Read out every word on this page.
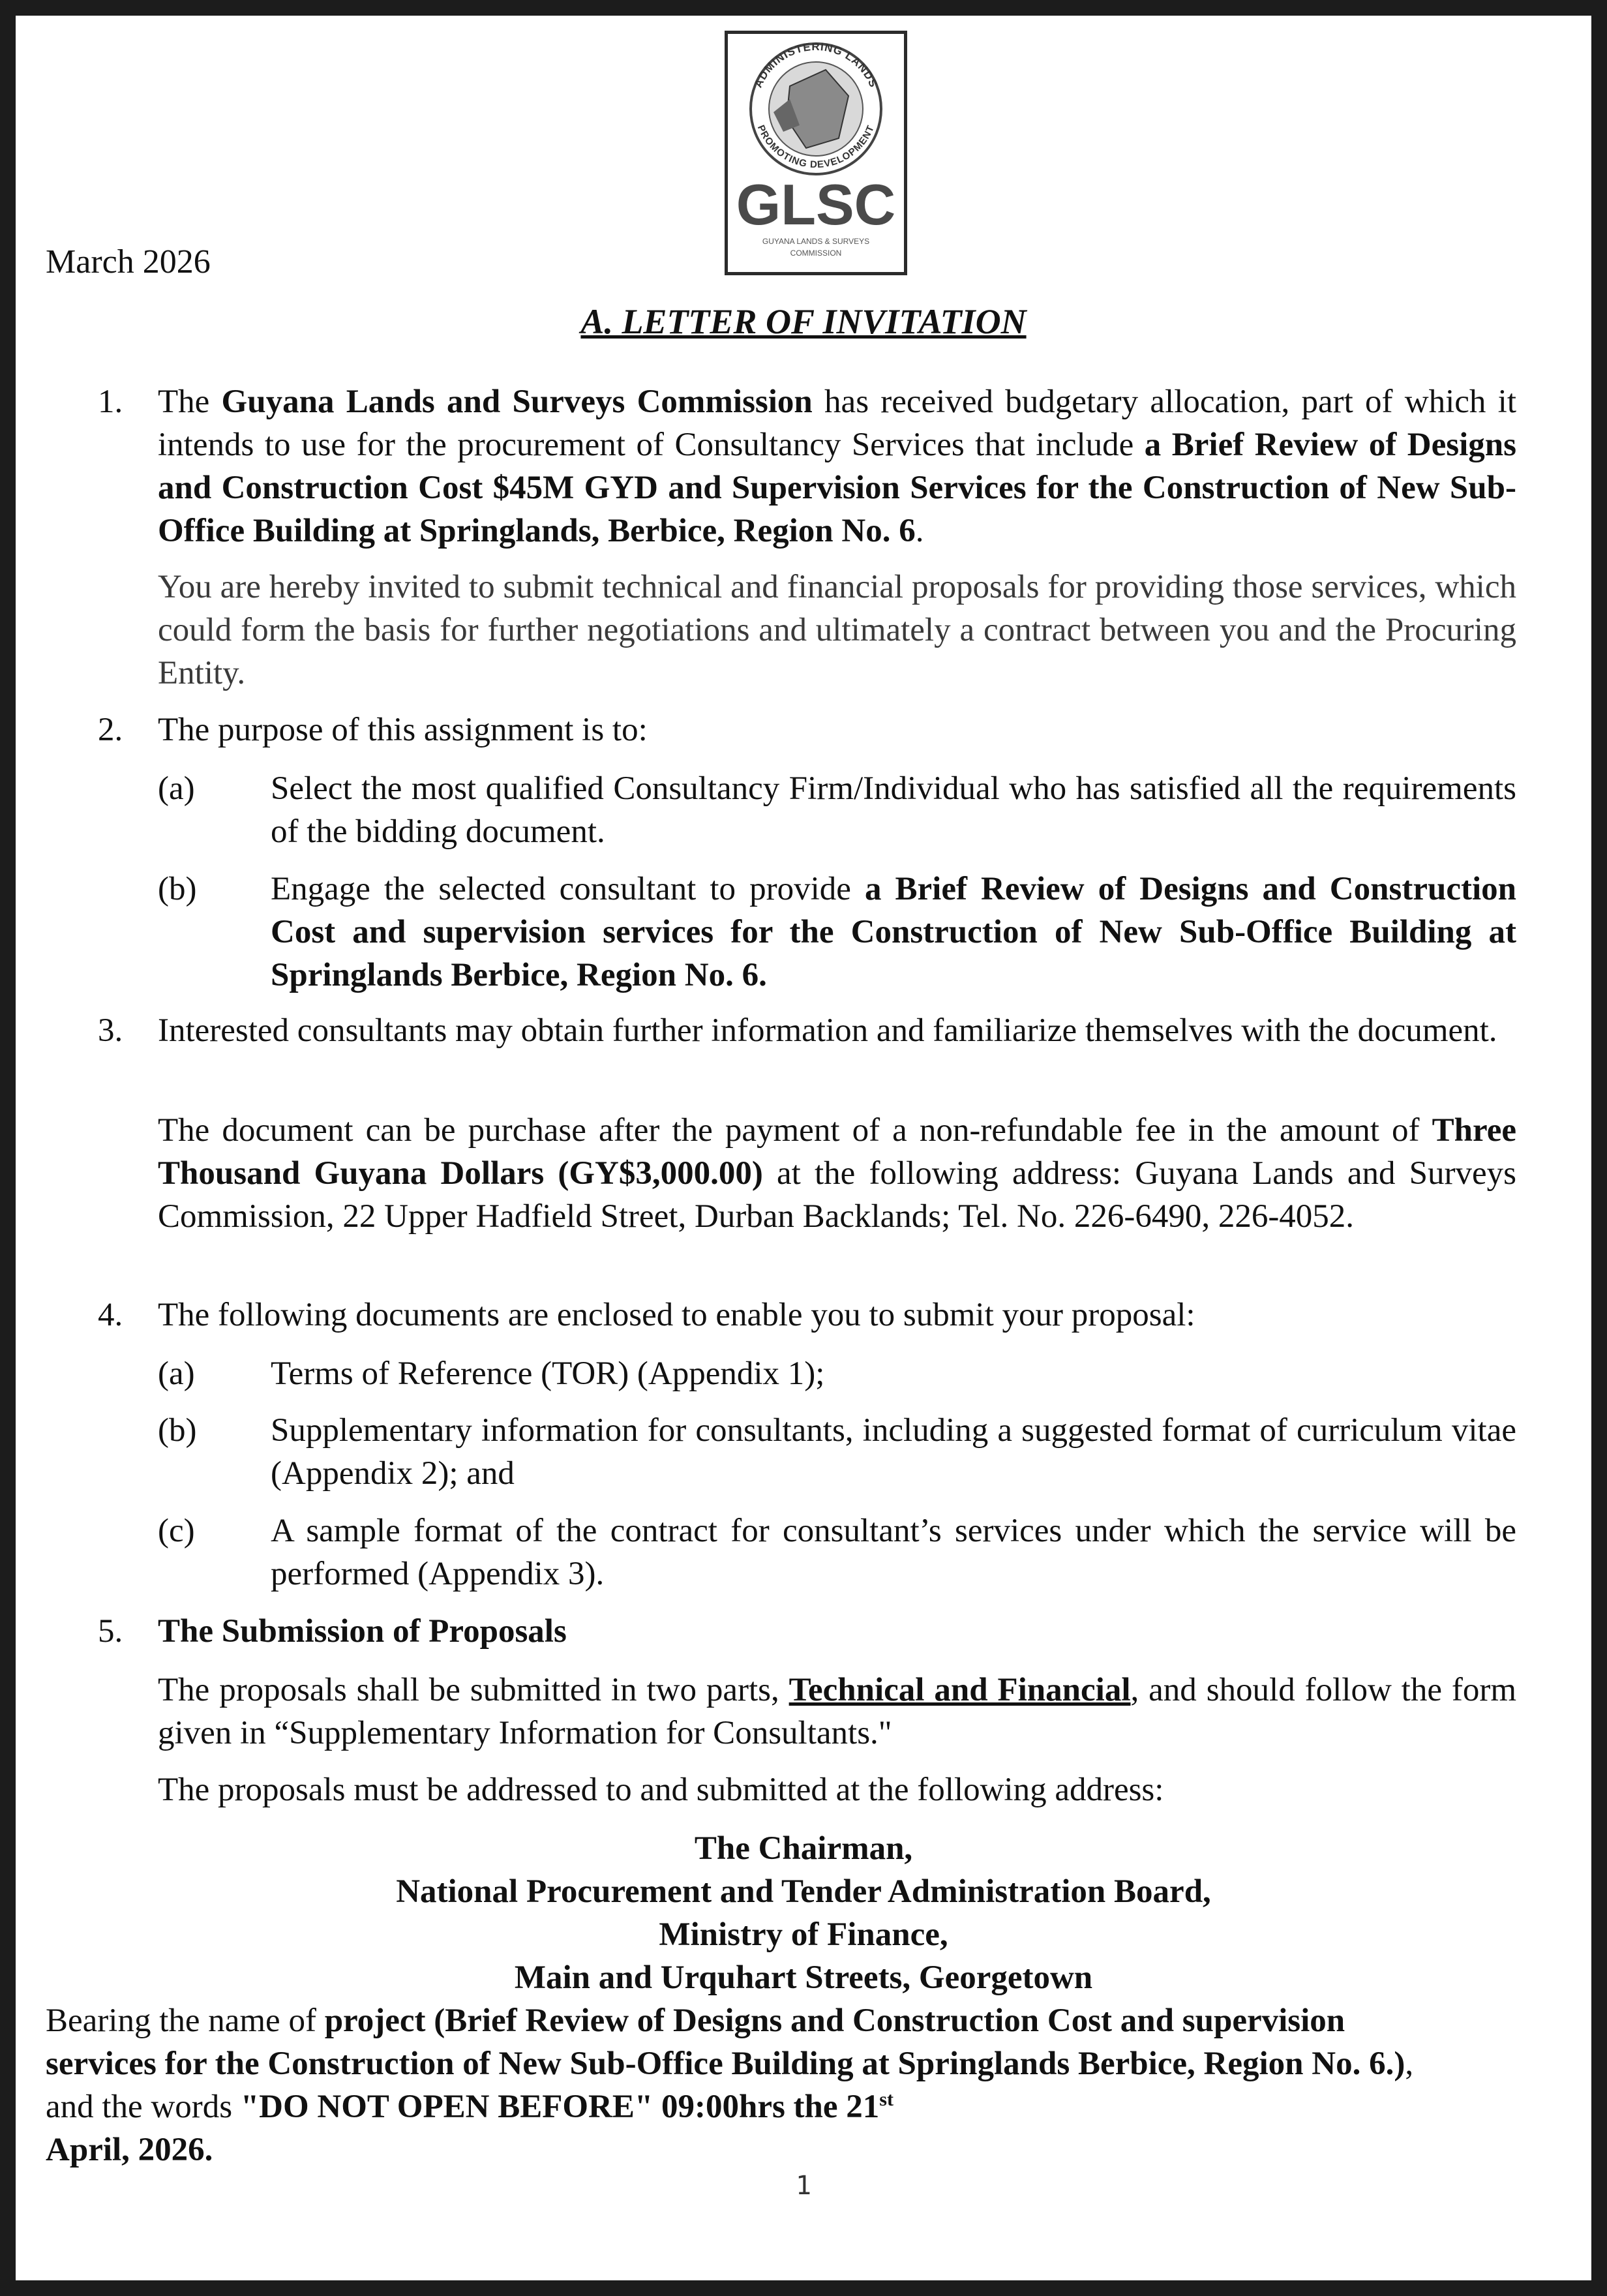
ADMINISTERING LANDS
PROMOTING DEVELOPMENT
GLSC
GUYANA LANDS & SURVEYS
COMMISSION
March 2026
A. LETTER OF INVITATION
1. The Guyana Lands and Surveys Commission has received budgetary allocation, part of which it intends to use for the procurement of Consultancy Services that include a Brief Review of Designs and Construction Cost $45M GYD and Supervision Services for the Construction of New Sub-Office Building at Springlands, Berbice, Region No. 6.
You are hereby invited to submit technical and financial proposals for providing those services, which could form the basis for further negotiations and ultimately a contract between you and the Procuring Entity.
2. The purpose of this assignment is to:
(a) Select the most qualified Consultancy Firm/Individual who has satisfied all the requirements of the bidding document.
(b) Engage the selected consultant to provide a Brief Review of Designs and Construction Cost and supervision services for the Construction of New Sub-Office Building at Springlands Berbice, Region No. 6.
3. Interested consultants may obtain further information and familiarize themselves with the document.
The document can be purchase after the payment of a non-refundable fee in the amount of Three Thousand Guyana Dollars (GY$3,000.00) at the following address: Guyana Lands and Surveys Commission, 22 Upper Hadfield Street, Durban Backlands; Tel. No. 226-6490, 226-4052.
4. The following documents are enclosed to enable you to submit your proposal:
(a) Terms of Reference (TOR) (Appendix 1);
(b) Supplementary information for consultants, including a suggested format of curriculum vitae (Appendix 2); and
(c) A sample format of the contract for consultant’s services under which the service will be performed (Appendix 3).
5. The Submission of Proposals
The proposals shall be submitted in two parts, Technical and Financial, and should follow the form given in “Supplementary Information for Consultants."
The proposals must be addressed to and submitted at the following address:
The Chairman,
National Procurement and Tender Administration Board,
Ministry of Finance,
Main and Urquhart Streets, Georgetown
Bearing the name of project (Brief Review of Designs and Construction Cost and supervision services for the Construction of New Sub-Office Building at Springlands Berbice, Region No. 6.), and the words "DO NOT OPEN BEFORE" 09:00hrs the 21st
April, 2026.
1
